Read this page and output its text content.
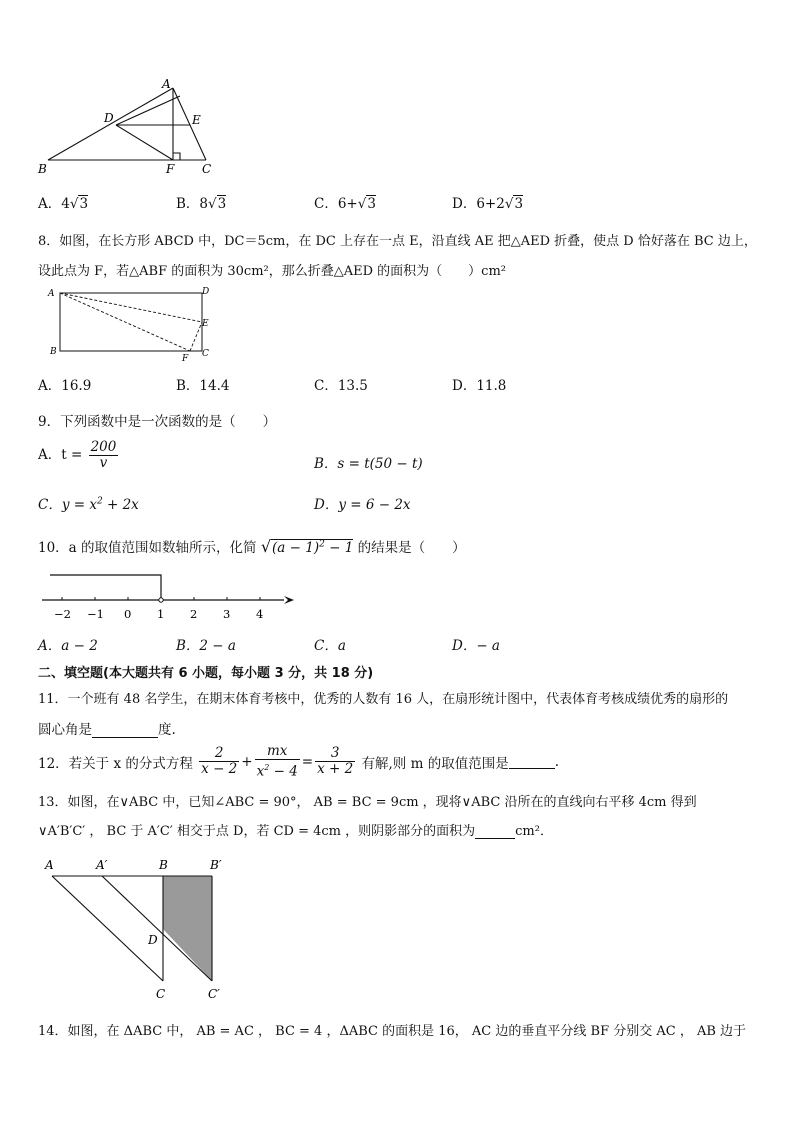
A
B	C
D	E
F
A．4√3	B．8√3	C．6+√3	D．6+2√3
8．如图，在长方形 ABCD 中，DC＝5cm，在 DC 上存在一点 E，沿直线 AE 把△AED 折叠，使点 D 恰好落在 BC 边上，
设此点为 F，若△ABF 的面积为 30cm²，那么折叠△AED 的面积为（　　）cm²
A	D
E
B
F C
A．16.9	B．14.4	C．13.5	D．11.8
9．下列函数中是一次函数的是（　　）
A．$t = \frac{200}{v}$	B．s = t(50 − t)
C．$y = x^2 + 2x$	D．y = 6 − 2x
10．a 的取值范围如数轴所示，化简 $√(a - 1)^2 - 1$ 的结果是（　　）
−2 −1 0 1 2 3 4
A．a − 2	B．2 − a	C．a	D．− a
二、填空题(本大题共有 6 小题，每小题 3 分，共 18 分)
11．一个班有 48 名学生，在期末体育考核中，优秀的人数有 16 人，在扇形统计图中，代表体育考核成绩优秀的扇形的
圆心角是	度.
12．若关于 x 的分式方程 $\frac{2}{x - 2} + \frac{mx}{x^2 - 4} = \frac{3}{x + 2}$ 有解,则 m 的取值范围是	.
13．如图，在∨ABC 中，已知∠ABC = 90°， AB = BC = 9cm ，现将∨ABC 沿所在的直线向右平移 4cm 得到
∨A′B′C′ ， BC 于 A′C′ 相交于点 D，若 CD = 4cm ，则阴影部分的面积为	cm²．
A	A′	B	B′
D
C	C′
14．如图，在 ΔABC 中， AB = AC ， BC = 4 ，ΔABC 的面积是 16， AC 边的垂直平分线 BF 分别交 AC ， AB 边于
